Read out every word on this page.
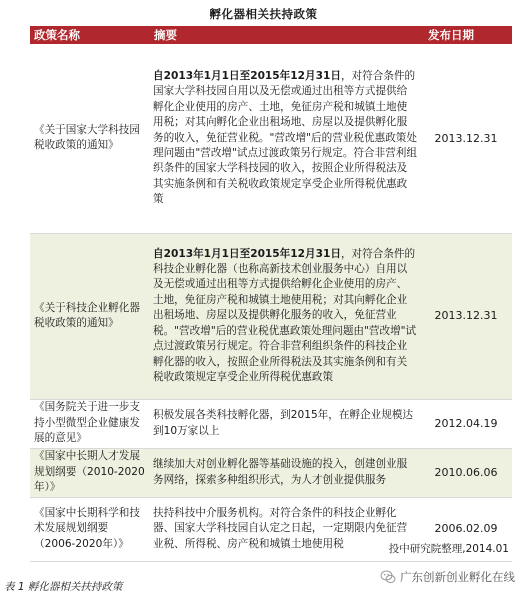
孵化器相关扶持政策
政策名称	摘要	发布日期
《关于国家大学科技园税收政策的通知》	自2013年1月1日至2015年12月31日，对符合条件的国家大学科技园自用以及无偿或通过出租等方式提供给孵化企业使用的房产、土地，免征房产税和城镇土地使用税；对其向孵化企业出租场地、房屋以及提供孵化服务的收入，免征营业税。"营改增"后的营业税优惠政策处理问题由"营改增"试点过渡政策另行规定。符合非营利组织条件的国家大学科技园的收入，按照企业所得税法及其实施条例和有关税收政策规定享受企业所得税优惠政策	2013.12.31
《关于科技企业孵化器税收政策的通知》	自2013年1月1日至2015年12月31日，对符合条件的科技企业孵化器（也称高新技术创业服务中心）自用以及无偿或通过出租等方式提供给孵化企业使用的房产、土地，免征房产税和城镇土地使用税；对其向孵化企业出租场地、房屋以及提供孵化服务的收入，免征营业税。"营改增"后的营业税优惠政策处理问题由"营改增"试点过渡政策另行规定。符合非营利组织条件的科技企业孵化器的收入，按照企业所得税法及其实施条例和有关税收政策规定享受企业所得税优惠政策	2013.12.31
《国务院关于进一步支持小型微型企业健康发展的意见》	积极发展各类科技孵化器，到2015年，在孵企业规模达到10万家以上	2012.04.19
《国家中长期人才发展规划纲要（2010-2020年）》	继续加大对创业孵化器等基础设施的投入，创建创业服务网络，探索多种组织形式，为人才创业提供服务	2010.06.06
《国家中长期科学和技术发展规划纲要（2006-2020年）》	扶持科技中介服务机构。对符合条件的科技企业孵化器、国家大学科技园自认定之日起，一定期限内免征营业税、所得税、房产税和城镇土地使用税	2006.02.09
投中研究院整理,2014.01
广东创新创业孵化在线
表 1 孵化器相关扶持政策
